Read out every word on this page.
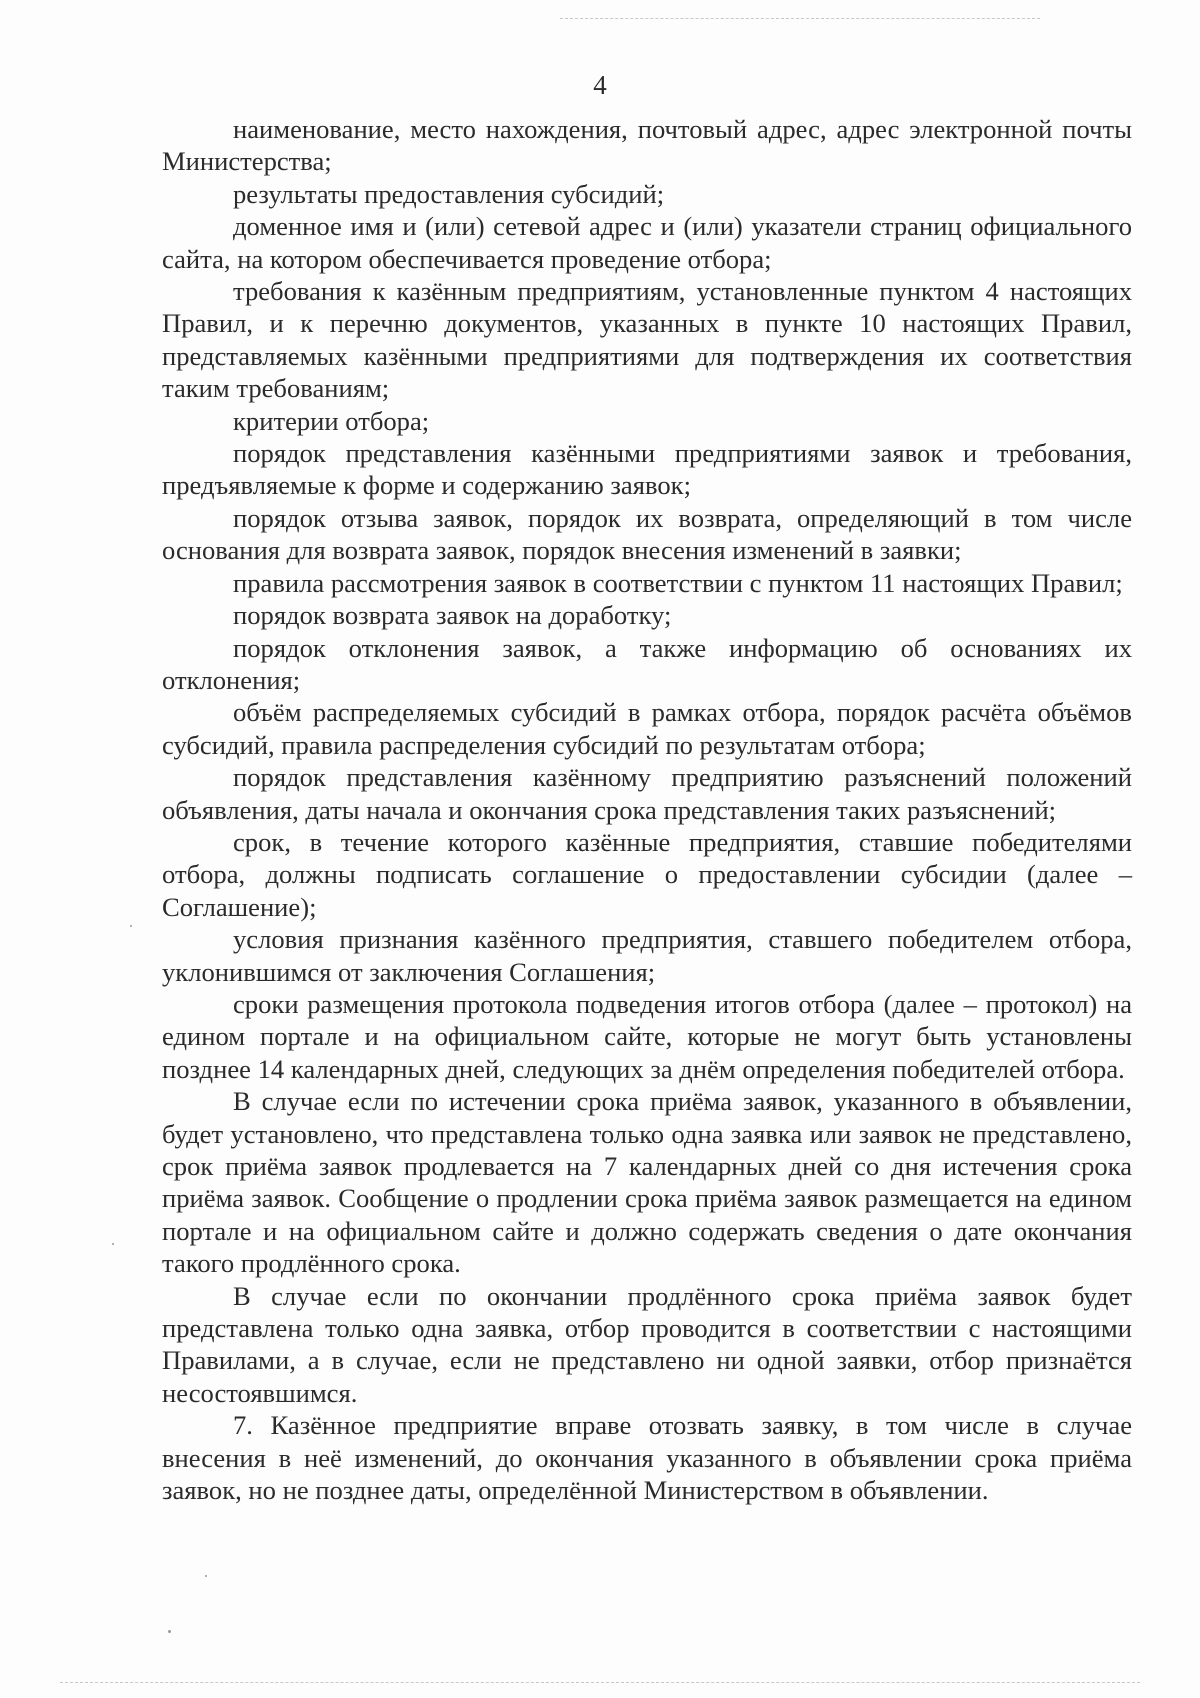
4

наименование, место нахождения, почтовый адрес, адрес электронной почты Министерства;

результаты предоставления субсидий;

доменное имя и (или) сетевой адрес и (или) указатели страниц официального сайта, на котором обеспечивается проведение отбора;

требования к казённым предприятиям, установленные пунктом 4 настоящих Правил, и к перечню документов, указанных в пункте 10 настоящих Правил, представляемых казёнными предприятиями для подтверждения их соответствия таким требованиям;

критерии отбора;

порядок представления казёнными предприятиями заявок и требования, предъявляемые к форме и содержанию заявок;

порядок отзыва заявок, порядок их возврата, определяющий в том числе основания для возврата заявок, порядок внесения изменений в заявки;

правила рассмотрения заявок в соответствии с пунктом 11 настоящих Правил;

порядок возврата заявок на доработку;

порядок отклонения заявок, а также информацию об основаниях их отклонения;

объём распределяемых субсидий в рамках отбора, порядок расчёта объёмов субсидий, правила распределения субсидий по результатам отбора;

порядок представления казённому предприятию разъяснений положений объявления, даты начала и окончания срока представления таких разъяснений;

срок, в течение которого казённые предприятия, ставшие победителями отбора, должны подписать соглашение о предоставлении субсидии (далее – Соглашение);

условия признания казённого предприятия, ставшего победителем отбора, уклонившимся от заключения Соглашения;

сроки размещения протокола подведения итогов отбора (далее – протокол) на едином портале и на официальном сайте, которые не могут быть установлены позднее 14 календарных дней, следующих за днём определения победителей отбора.

В случае если по истечении срока приёма заявок, указанного в объявлении, будет установлено, что представлена только одна заявка или заявок не представлено, срок приёма заявок продлевается на 7 календарных дней со дня истечения срока приёма заявок. Сообщение о продлении срока приёма заявок размещается на едином портале и на официальном сайте и должно содержать сведения о дате окончания такого продлённого срока.

В случае если по окончании продлённого срока приёма заявок будет представлена только одна заявка, отбор проводится в соответствии с настоящими Правилами, а в случае, если не представлено ни одной заявки, отбор признаётся несостоявшимся.

7. Казённое предприятие вправе отозвать заявку, в том числе в случае внесения в неё изменений, до окончания указанного в объявлении срока приёма заявок, но не позднее даты, определённой Министерством в объявлении.
